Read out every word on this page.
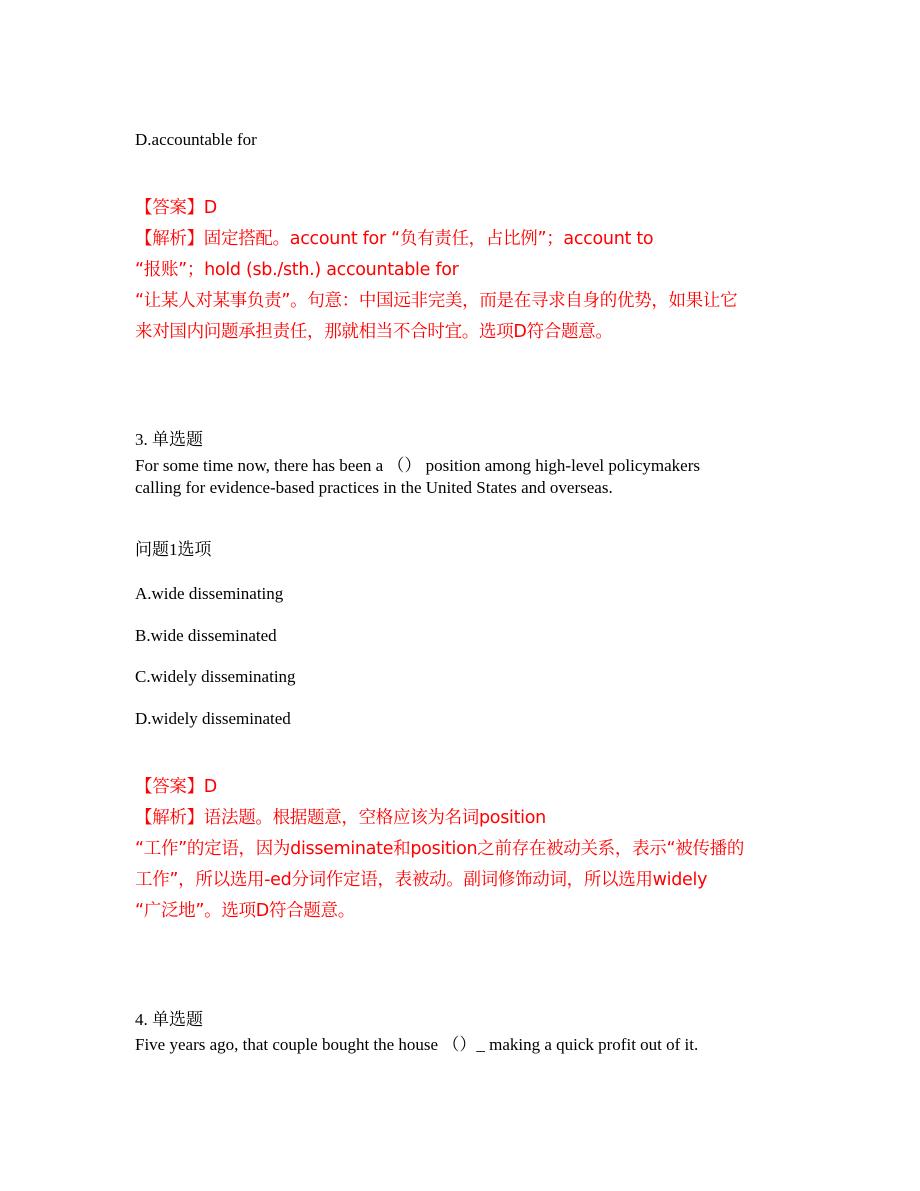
D.accountable for
【答案】D
【解析】固定搭配。account for “负有责任，占比例”；account to
“报账”；hold (sb./sth.) accountable for
“让某人对某事负责”。句意：中国远非完美，而是在寻求自身的优势，如果让它
来对国内问题承担责任，那就相当不合时宜。选项D符合题意。
3. 单选题
For some time now, there has been a （） position among high-level policymakers
calling for evidence-based practices in the United States and overseas.
问题1选项
A.wide disseminating
B.wide disseminated
C.widely disseminating
D.widely disseminated
【答案】D
【解析】语法题。根据题意，空格应该为名词position
“工作”的定语，因为disseminate和position之前存在被动关系，表示“被传播的
工作”，所以选用-ed分词作定语，表被动。副词修饰动词，所以选用widely
“广泛地”。选项D符合题意。
4. 单选题
Five years ago, that couple bought the house （）_ making a quick profit out of it.
